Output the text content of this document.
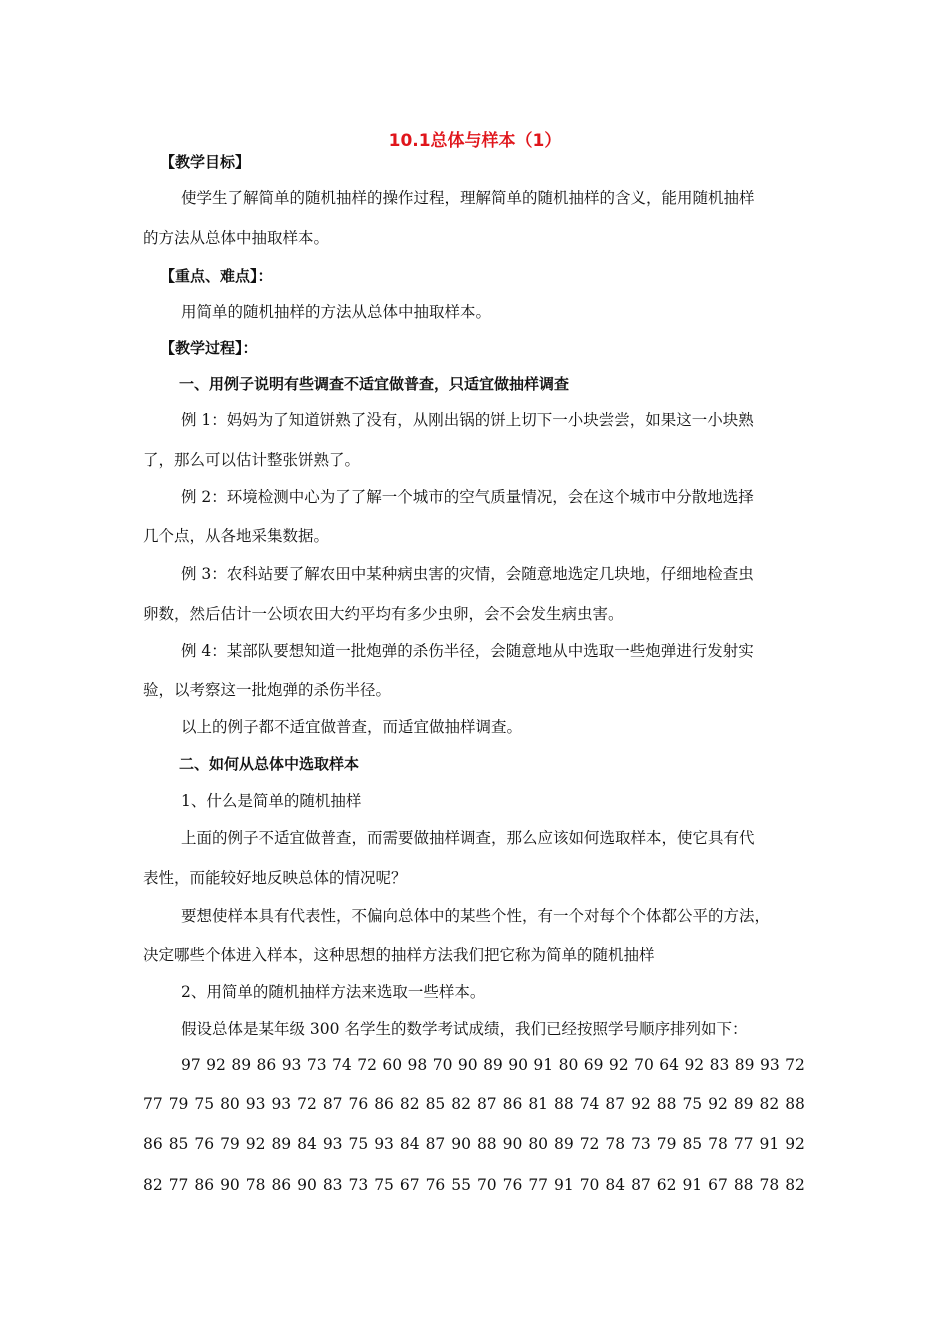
10.1总体与样本（1）
【教学目标】
使学生了解简单的随机抽样的操作过程，理解简单的随机抽样的含义，能用随机抽样
的方法从总体中抽取样本。
【重点、难点】：
用简单的随机抽样的方法从总体中抽取样本。
【教学过程】：
一、用例子说明有些调查不适宜做普查，只适宜做抽样调查
例 1：妈妈为了知道饼熟了没有，从刚出锅的饼上切下一小块尝尝，如果这一小块熟
了，那么可以估计整张饼熟了。
例 2：环境检测中心为了了解一个城市的空气质量情况，会在这个城市中分散地选择
几个点，从各地采集数据。
例 3：农科站要了解农田中某种病虫害的灾情，会随意地选定几块地，仔细地检查虫
卵数，然后估计一公顷农田大约平均有多少虫卵，会不会发生病虫害。
例 4：某部队要想知道一批炮弹的杀伤半径，会随意地从中选取一些炮弹进行发射实
验，以考察这一批炮弹的杀伤半径。
以上的例子都不适宜做普查，而适宜做抽样调查。
二、如何从总体中选取样本
1、什么是简单的随机抽样
上面的例子不适宜做普查，而需要做抽样调查，那么应该如何选取样本，使它具有代
表性，而能较好地反映总体的情况呢？
要想使样本具有代表性，不偏向总体中的某些个性，有一个对每个个体都公平的方法，
决定哪些个体进入样本，这种思想的抽样方法我们把它称为简单的随机抽样
2、用简单的随机抽样方法来选取一些样本。
假设总体是某年级 300 名学生的数学考试成绩，我们已经按照学号顺序排列如下：
97 92 89 86 93 73 74 72 60 98 70 90 89 90 91 80 69 92 70 64 92 83 89 93 72
77 79 75 80 93 93 72 87 76 86 82 85 82 87 86 81 88 74 87 92 88 75 92 89 82 88
86 85 76 79 92 89 84 93 75 93 84 87 90 88 90 80 89 72 78 73 79 85 78 77 91 92
82 77 86 90 78 86 90 83 73 75 67 76 55 70 76 77 91 70 84 87 62 91 67 88 78 82
